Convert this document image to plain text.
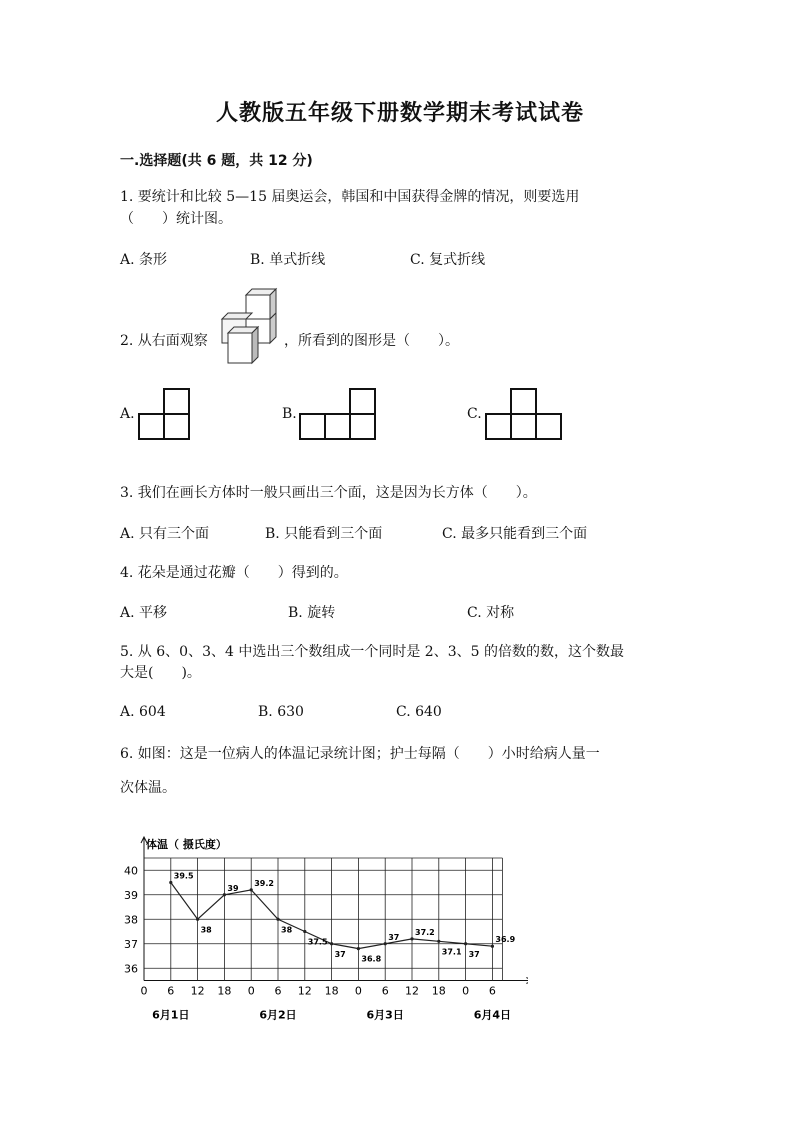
人教版五年级下册数学期末考试试卷
一.选择题(共 6 题，共 12 分)
1. 要统计和比较 5—15 届奥运会，韩国和中国获得金牌的情况，则要选用
（　　）统计图。
A. 条形	B. 单式折线	C. 复式折线
2. 从右面观察	，所看到的图形是（　　）。
A.	B.	C.
3. 我们在画长方体时一般只画出三个面，这是因为长方体（　　）。
A. 只有三个面	B. 只能看到三个面	C. 最多只能看到三个面
4. 花朵是通过花瓣（　　）得到的。
A. 平移	B. 旋转	C. 对称
5. 从 6、0、3、4 中选出三个数组成一个同时是 2、3、5 的倍数的数，这个数最
大是(　　)。
A. 604	B. 630	C. 640
6. 如图：这是一位病人的体温记录统计图；护士每隔（　　）小时给病人量一
次体温。
体温（ 摄氏度）
40
39
38
37
36
0 6 12 18 0 6 12 18 0 6 12 18 0 6
6月1日	6月2日	6月3日	6月4日
39.5
38
39
39.2
38
37.5
37
36.8
37
37.2
37.1 37
36.9
